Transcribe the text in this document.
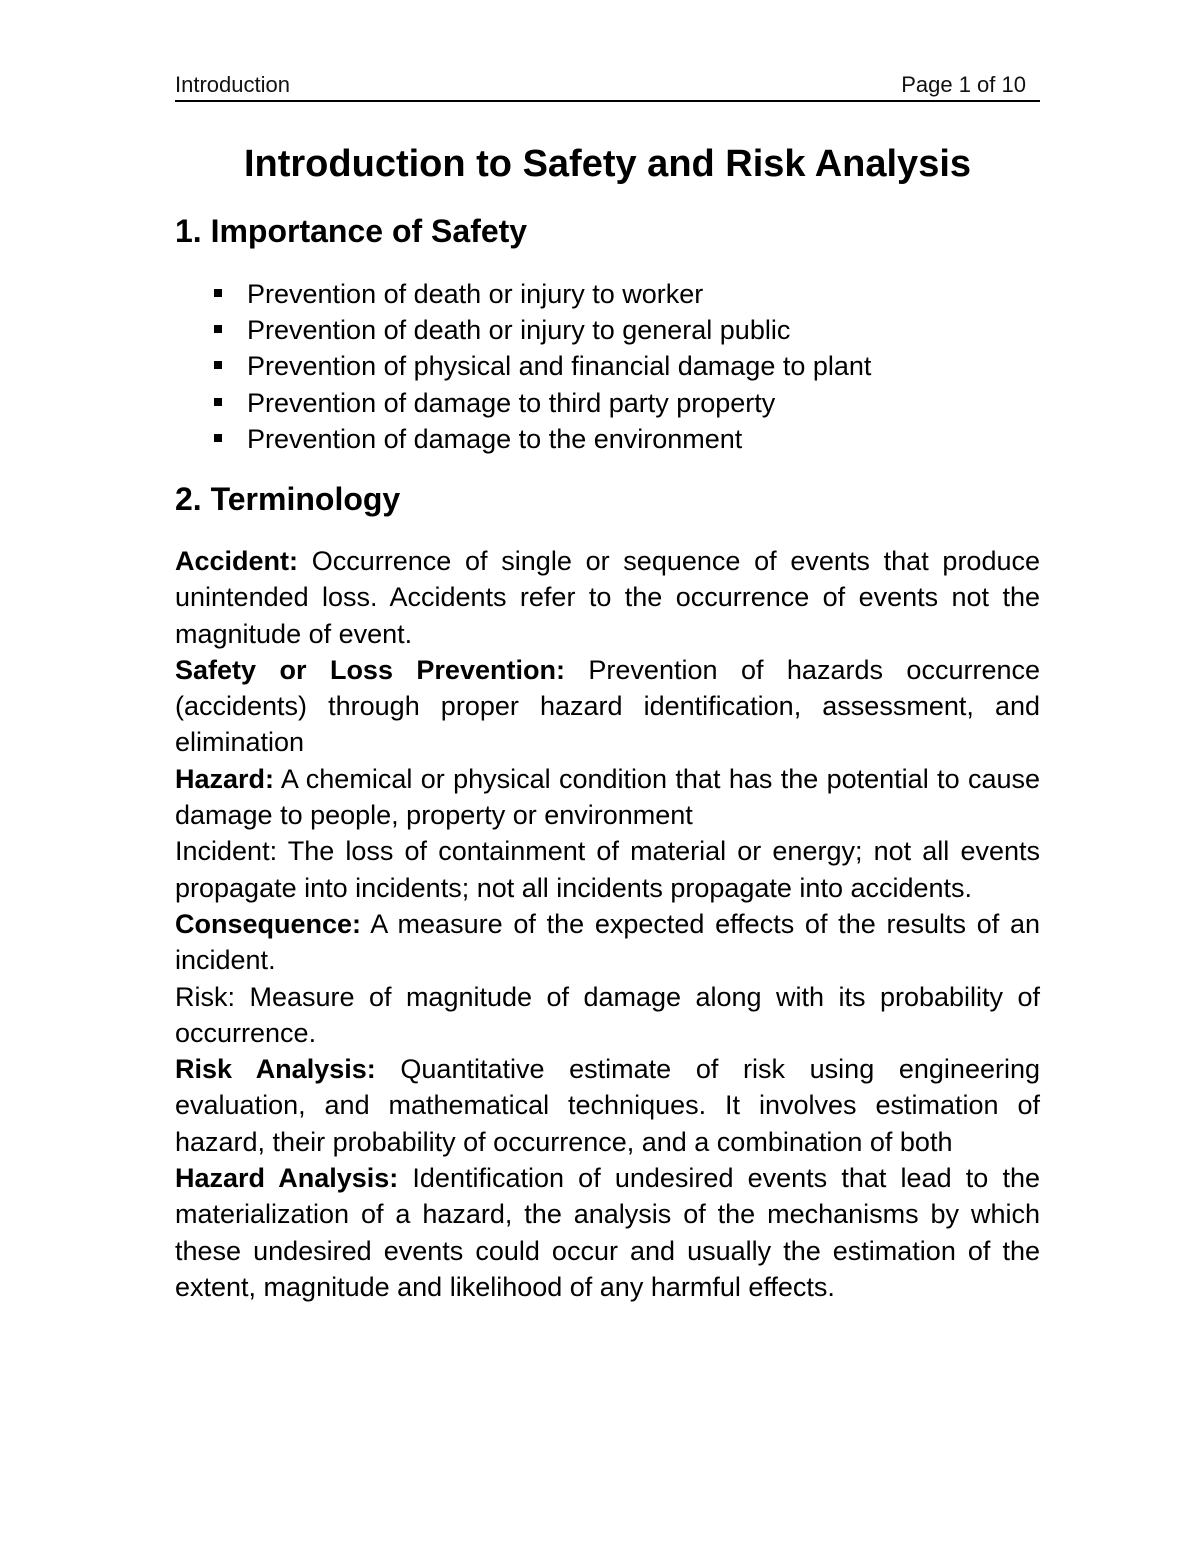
Introduction	Page 1 of 10
Introduction to Safety and Risk Analysis
1. Importance of Safety
Prevention of death or injury to worker
Prevention of death or injury to general public
Prevention of physical and financial damage to plant
Prevention of damage to third party property
Prevention of damage to the environment
2. Terminology

Accident: Occurrence of single or sequence of events that produce unintended loss. Accidents refer to the occurrence of events not the magnitude of event.

Safety or Loss Prevention: Prevention of hazards occurrence (accidents) through proper hazard identification, assessment, and elimination

Hazard: A chemical or physical condition that has the potential to cause damage to people, property or environment

Incident: The loss of containment of material or energy; not all events propagate into incidents; not all incidents propagate into accidents.

Consequence: A measure of the expected effects of the results of an incident.

Risk: Measure of magnitude of damage along with its probability of occurrence.

Risk Analysis: Quantitative estimate of risk using engineering evaluation, and mathematical techniques. It involves estimation of hazard, their probability of occurrence, and a combination of both

Hazard Analysis: Identification of undesired events that lead to the materialization of a hazard, the analysis of the mechanisms by which these undesired events could occur and usually the estimation of the extent, magnitude and likelihood of any harmful effects.
